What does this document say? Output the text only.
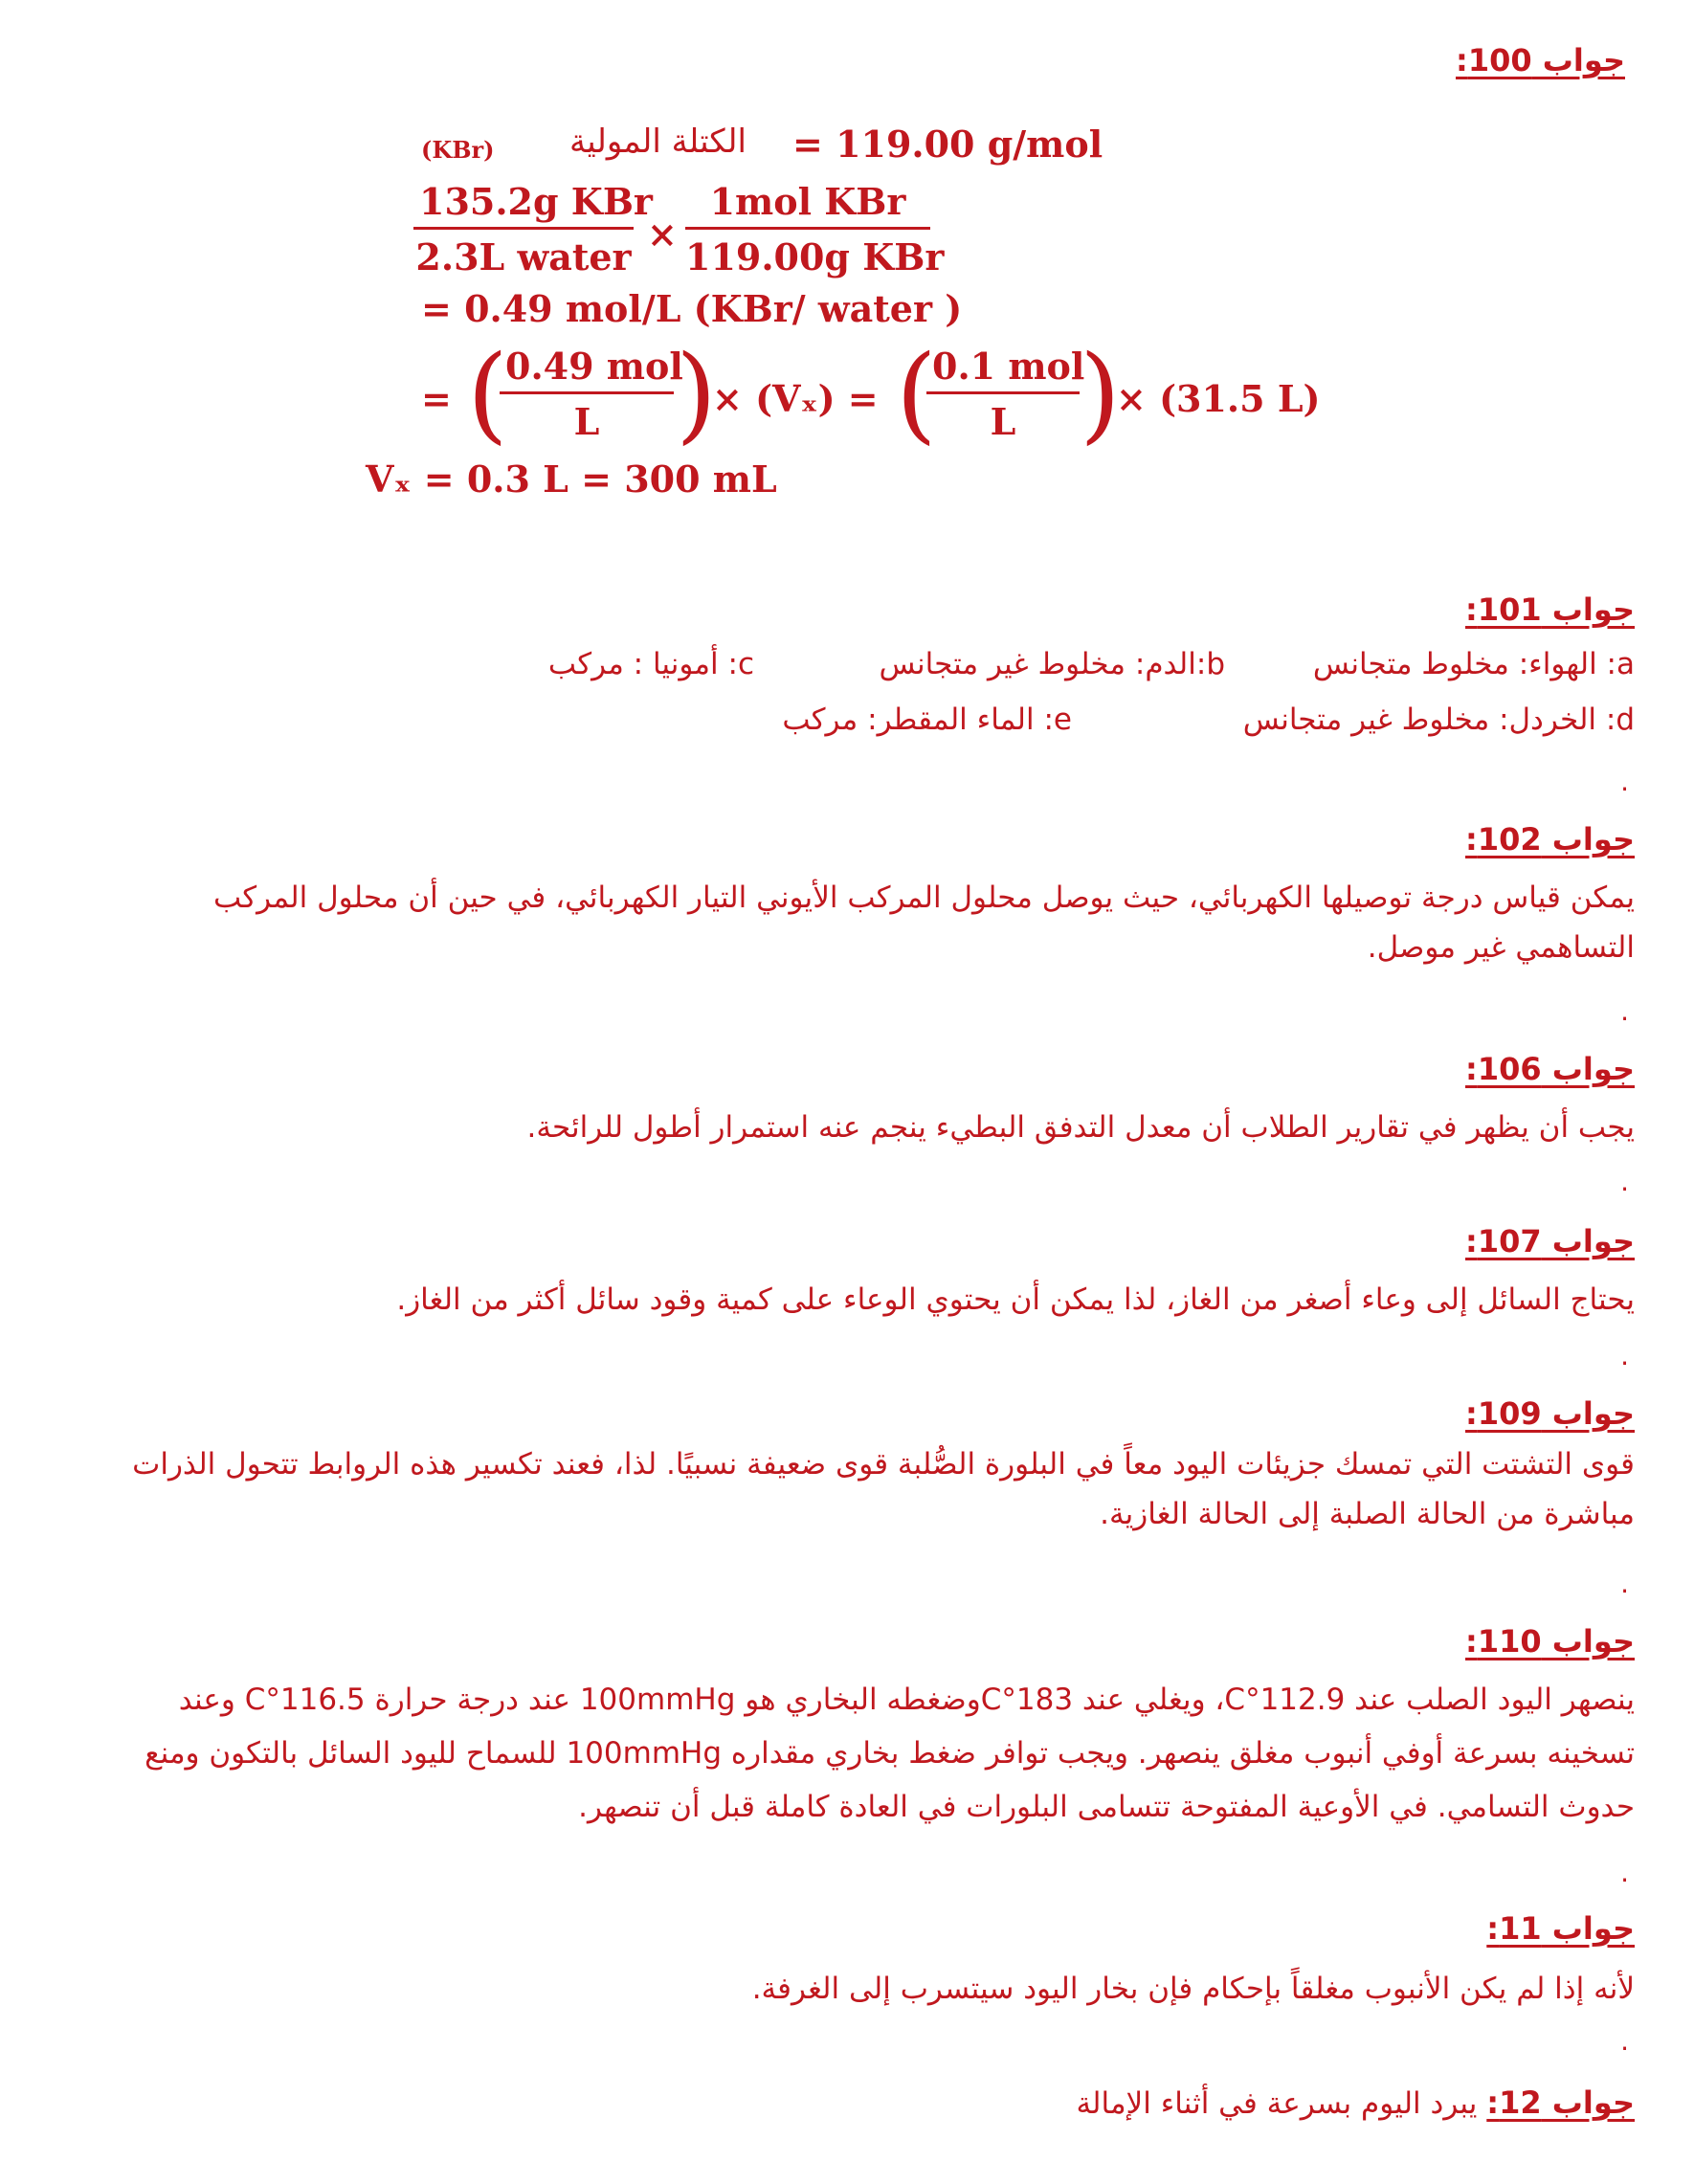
جواب 100:
(KBr) الكتلة المولية = 119.00 g/mol
135.2g KBr
2.3L water
×
1mol KBr
119.00g KBr
= 0.49 mol/L (KBr/ water )
= (
0.49 mol
L )
× (Vₓ) = (
0.1 mol
L )
× (31.5 L)
Vₓ = 0.3 L = 300 mL
جواب 101:
a: الهواء: مخلوط متجانس
b:الدم: مخلوط غير متجانس
c: أمونيا : مركب
d: الخردل: مخلوط غير متجانس
e: الماء المقطر: مركب
.
جواب 102:
يمكن قياس درجة توصيلها الكهربائي، حيث يوصل محلول المركب الأيوني التيار الكهربائي، في حين أن محلول المركب التساهمي غير موصل.
.
جواب 106:
يجب أن يظهر في تقارير الطلاب أن معدل التدفق البطيء ينجم عنه استمرار أطول للرائحة.
.
جواب 107:
يحتاج السائل إلى وعاء أصغر من الغاز، لذا يمكن أن يحتوي الوعاء على كمية وقود سائل أكثر من الغاز.
.
جواب 109:
قوى التشتت التي تمسك جزيئات اليود معاً في البلورة الصُّلبة قوى ضعيفة نسبيًا. لذا، فعند تكسير هذه الروابط تتحول الذرات مباشرة من الحالة الصلبة إلى الحالة الغازية.
.
جواب 110:
ينصهر اليود الصلب عند 112.9°C، ويغلي عند 183°Cوضغطه البخاري هو 100mmHg عند درجة حرارة 116.5°C وعند تسخينه بسرعة أوفي أنبوب مغلق ينصهر. ويجب توافر ضغط بخاري مقداره 100mmHg للسماح لليود السائل بالتكون ومنع حدوث التسامي. في الأوعية المفتوحة تتسامى البلورات في العادة كاملة قبل أن تنصهر.
.
جواب 11:
لأنه إذا لم يكن الأنبوب مغلقاً بإحكام فإن بخار اليود سيتسرب إلى الغرفة.
.
جواب 12: يبرد اليوم بسرعة في أثناء الإمالة
